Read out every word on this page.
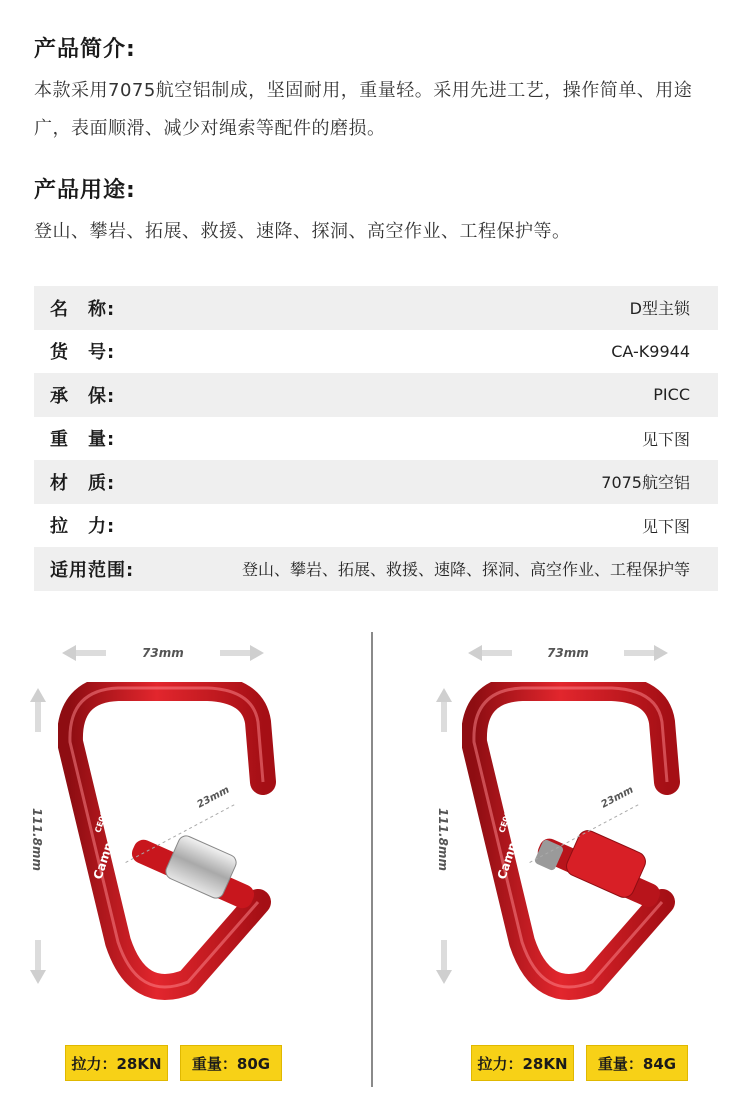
产品简介:
本款采用7075航空铝制成，坚固耐用，重量轻。采用先进工艺，操作简单、用途广，表面顺滑、减少对绳索等配件的磨损。
产品用途:
登山、攀岩、拓展、救援、速降、探洞、高空作业、工程保护等。
名　称:	D型主锁
货　号:	CA-K9944
承　保:	PICC
重　量:	见下图
材　质:	7075航空铝
拉　力:	见下图
适用范围:	登山、攀岩、拓展、救援、速降、探洞、高空作业、工程保护等
73mm
111.8mm
23mm
Camnal
CE0123
拉力：28KN	重量：80G
73mm
111.8mm
23mm
Camnal
CE0123
拉力：28KN	重量：84G
